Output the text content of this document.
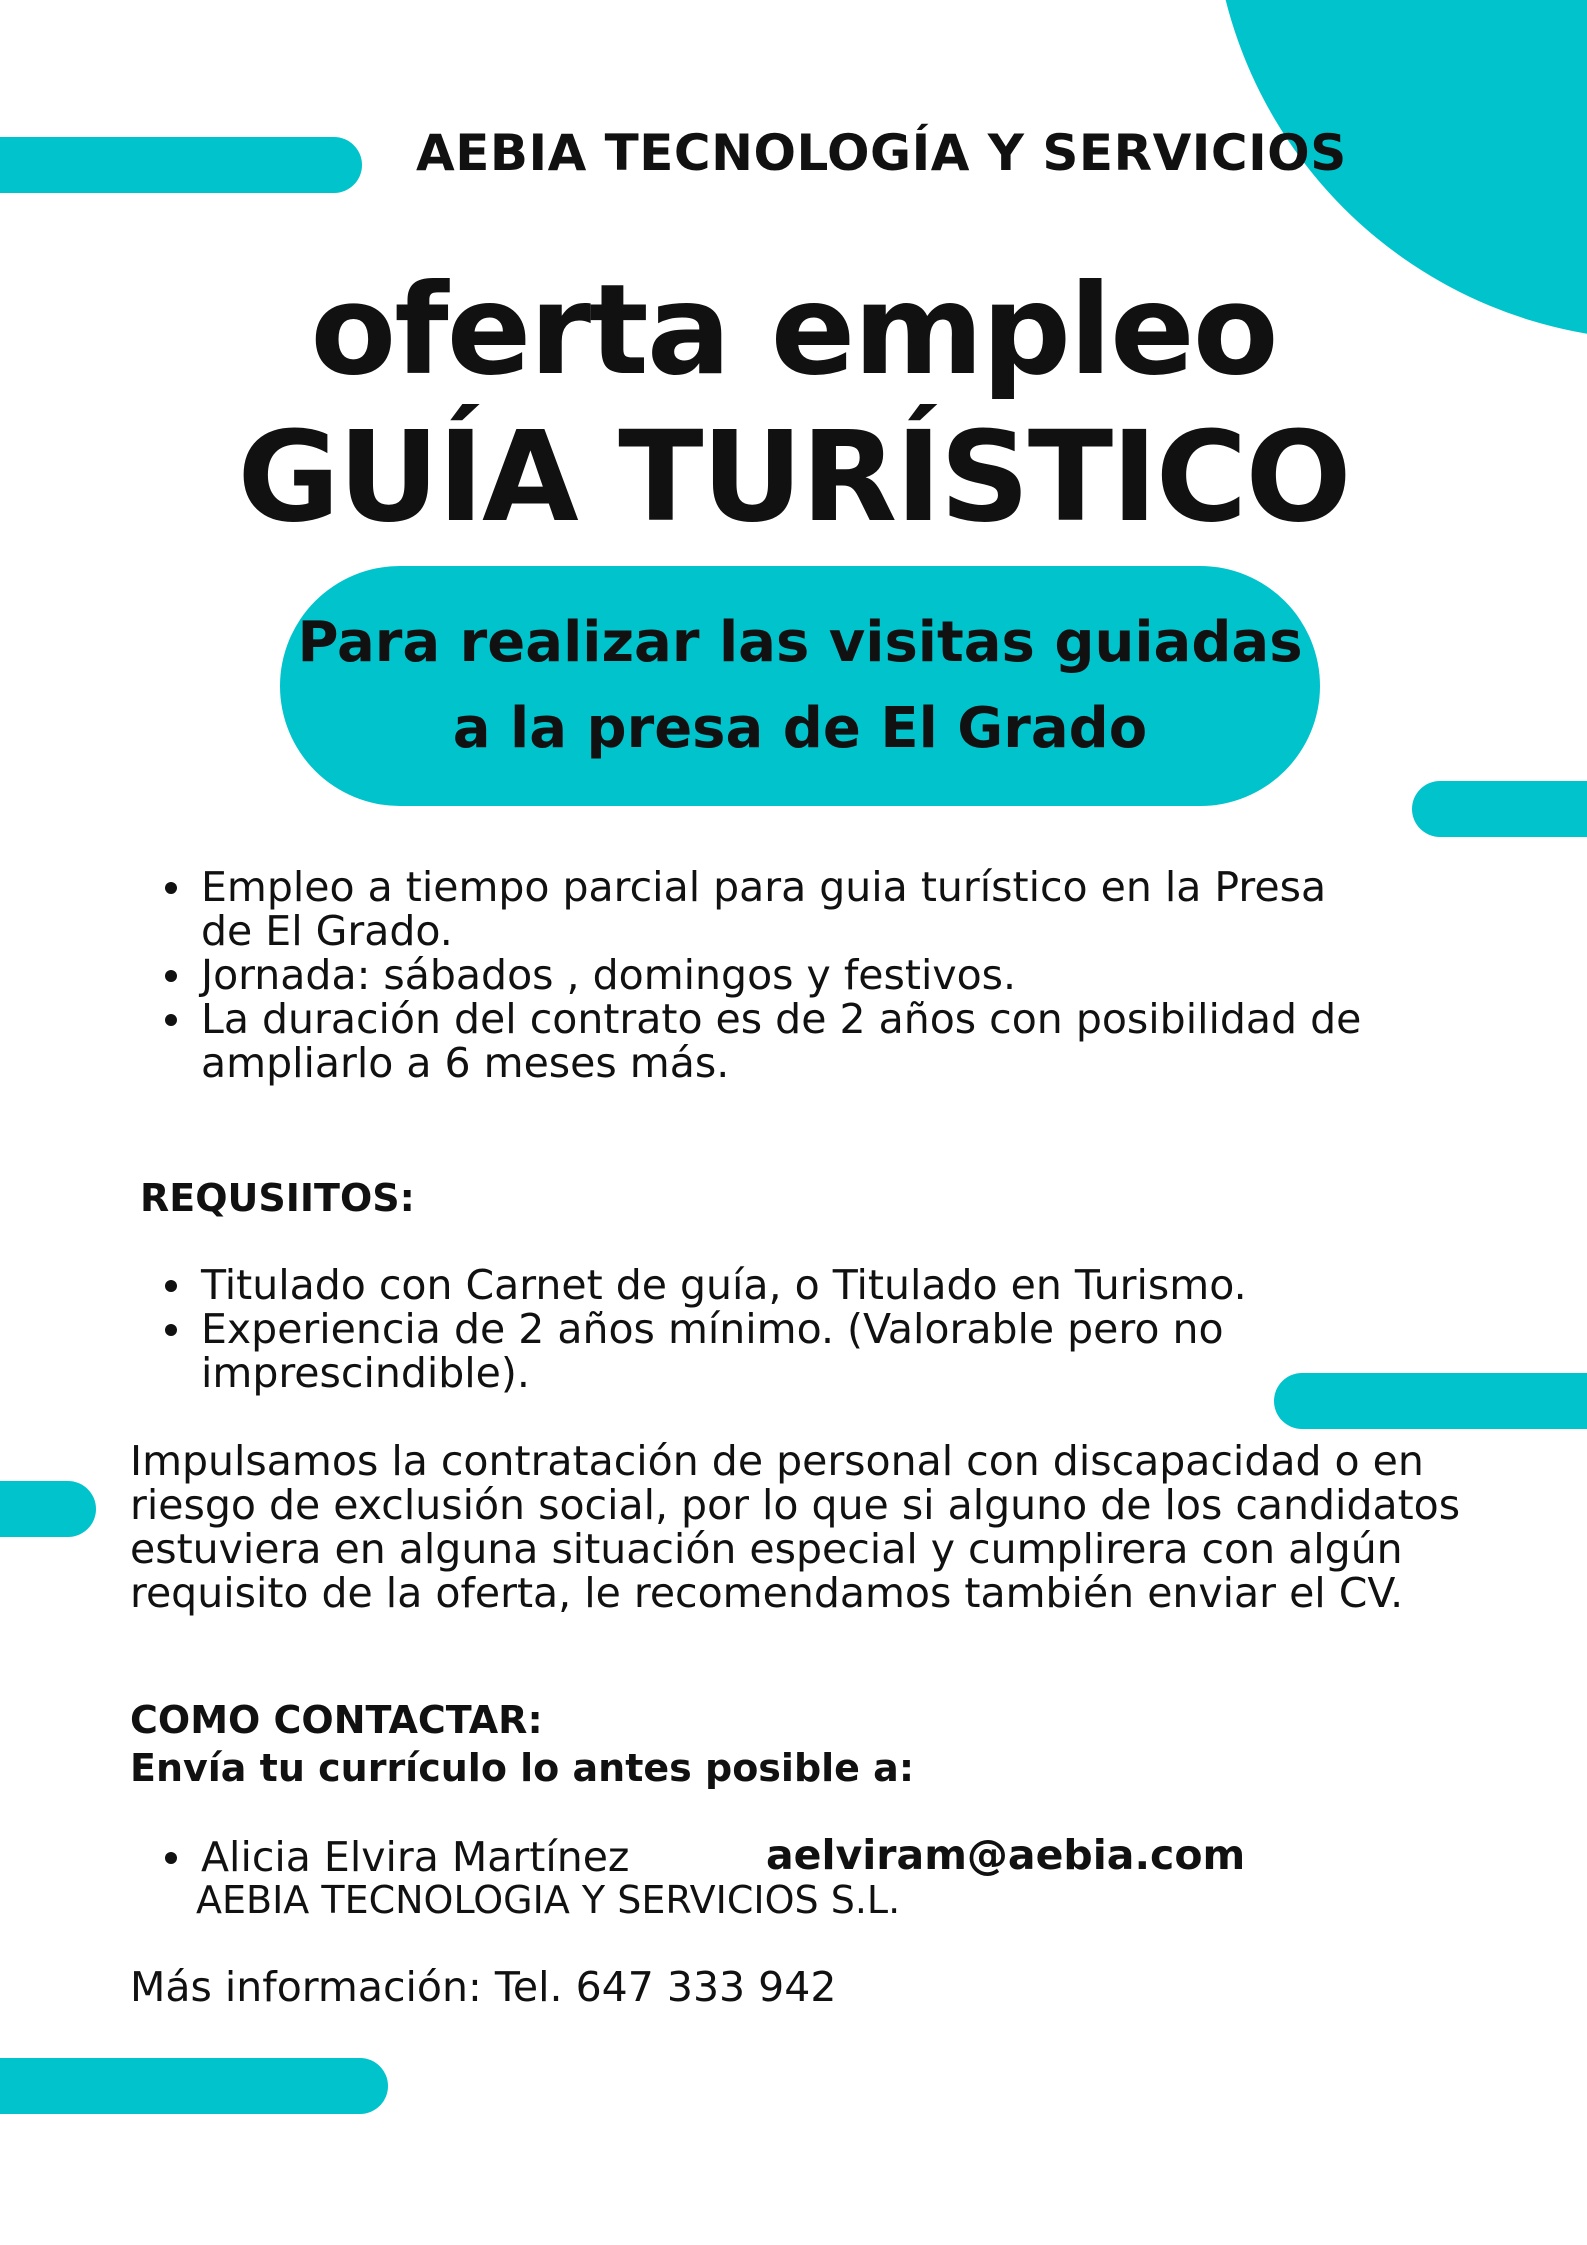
AEBIA TECNOLOGÍA Y SERVICIOS
oferta empleo
GUÍA TURÍSTICO
Para realizar las visitas guiadas
a la presa de El Grado
Empleo a tiempo parcial para guia turístico en la Presa
de El Grado.
Jornada: sábados , domingos y festivos.
La duración del contrato es de 2 años con posibilidad de
ampliarlo a 6 meses más.
REQUSIITOS:
Titulado con Carnet de guía, o Titulado en Turismo.
Experiencia de 2 años mínimo. (Valorable pero no
imprescindible).
Impulsamos la contratación de personal con discapacidad o en
riesgo de exclusión social, por lo que si alguno de los candidatos
estuviera en alguna situación especial y cumplirera con algún
requisito de la oferta, le recomendamos también enviar el CV.
COMO CONTACTAR:
Envía tu currículo lo antes posible a:
Alicia Elvira Martínez	aelviram@aebia.com
AEBIA TECNOLOGIA Y SERVICIOS S.L.
Más información: Tel. 647 333 942
